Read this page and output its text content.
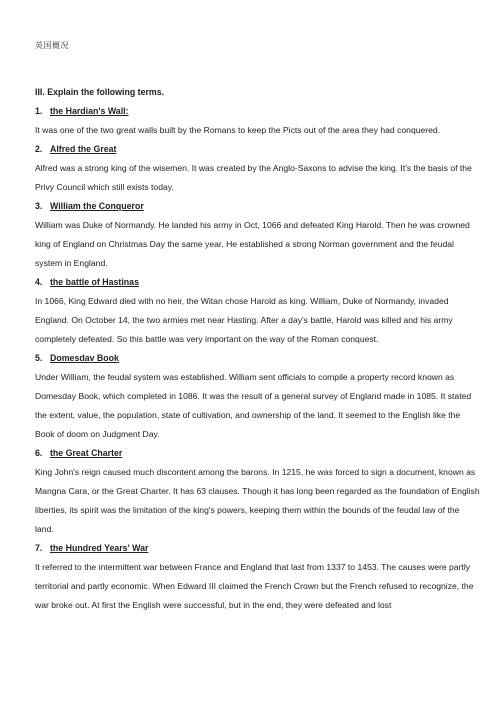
英国概况

III. Explain the following terms.

1. the Hardian's Wall:

It was one of the two great walls built by the Romans to keep the Picts out of the area they had conquered.

2. Alfred the Great

Alfred was a strong king of the wisemen. It was created by the Anglo-Saxons to advise the king. It's the basis of the Privy Council which still exists today.

3. William the Conqueror

William was Duke of Normandy. He landed his army in Oct, 1066 and defeated King Harold. Then he was crowned king of England on Christmas Day the same year. He established a strong Norman government and the feudal system in England.

4. the battle of Hastinas

In 1066, King Edward died with no heir, the Witan chose Harold as king. William, Duke of Normandy, invaded England. On October 14, the two armies met near Hasting. After a day's battle, Harold was killed and his army completely defeated. So this battle was very important on the way of the Roman conquest.

5. Domesdav Book

Under William, the feudal system was established. William sent officials to compile a property record known as Domesday Book, which completed in 1086. It was the result of a general survey of England made in 1085. It stated the extent, value, the population, state of cultivation, and ownership of the land. It seemed to the English like the Book of doom on Judgment Day.

6. the Great Charter

King John's reign caused much discontent among the barons. In 1215, he was forced to sign a document, known as Mangna Cara, or the Great Charter. It has 63 clauses. Though it has long been regarded as the foundation of English liberties, its spirit was the limitation of the king's powers, keeping them within the bounds of the feudal law of the land.

7. the Hundred Years' War

It referred to the intermittent war between France and England that last from 1337 to 1453. The causes were partly territorial and partly economic. When Edward III claimed the French Crown but the French refused to recognize, the war broke out. At first the English were successful, but in the end, they were defeated and lost
